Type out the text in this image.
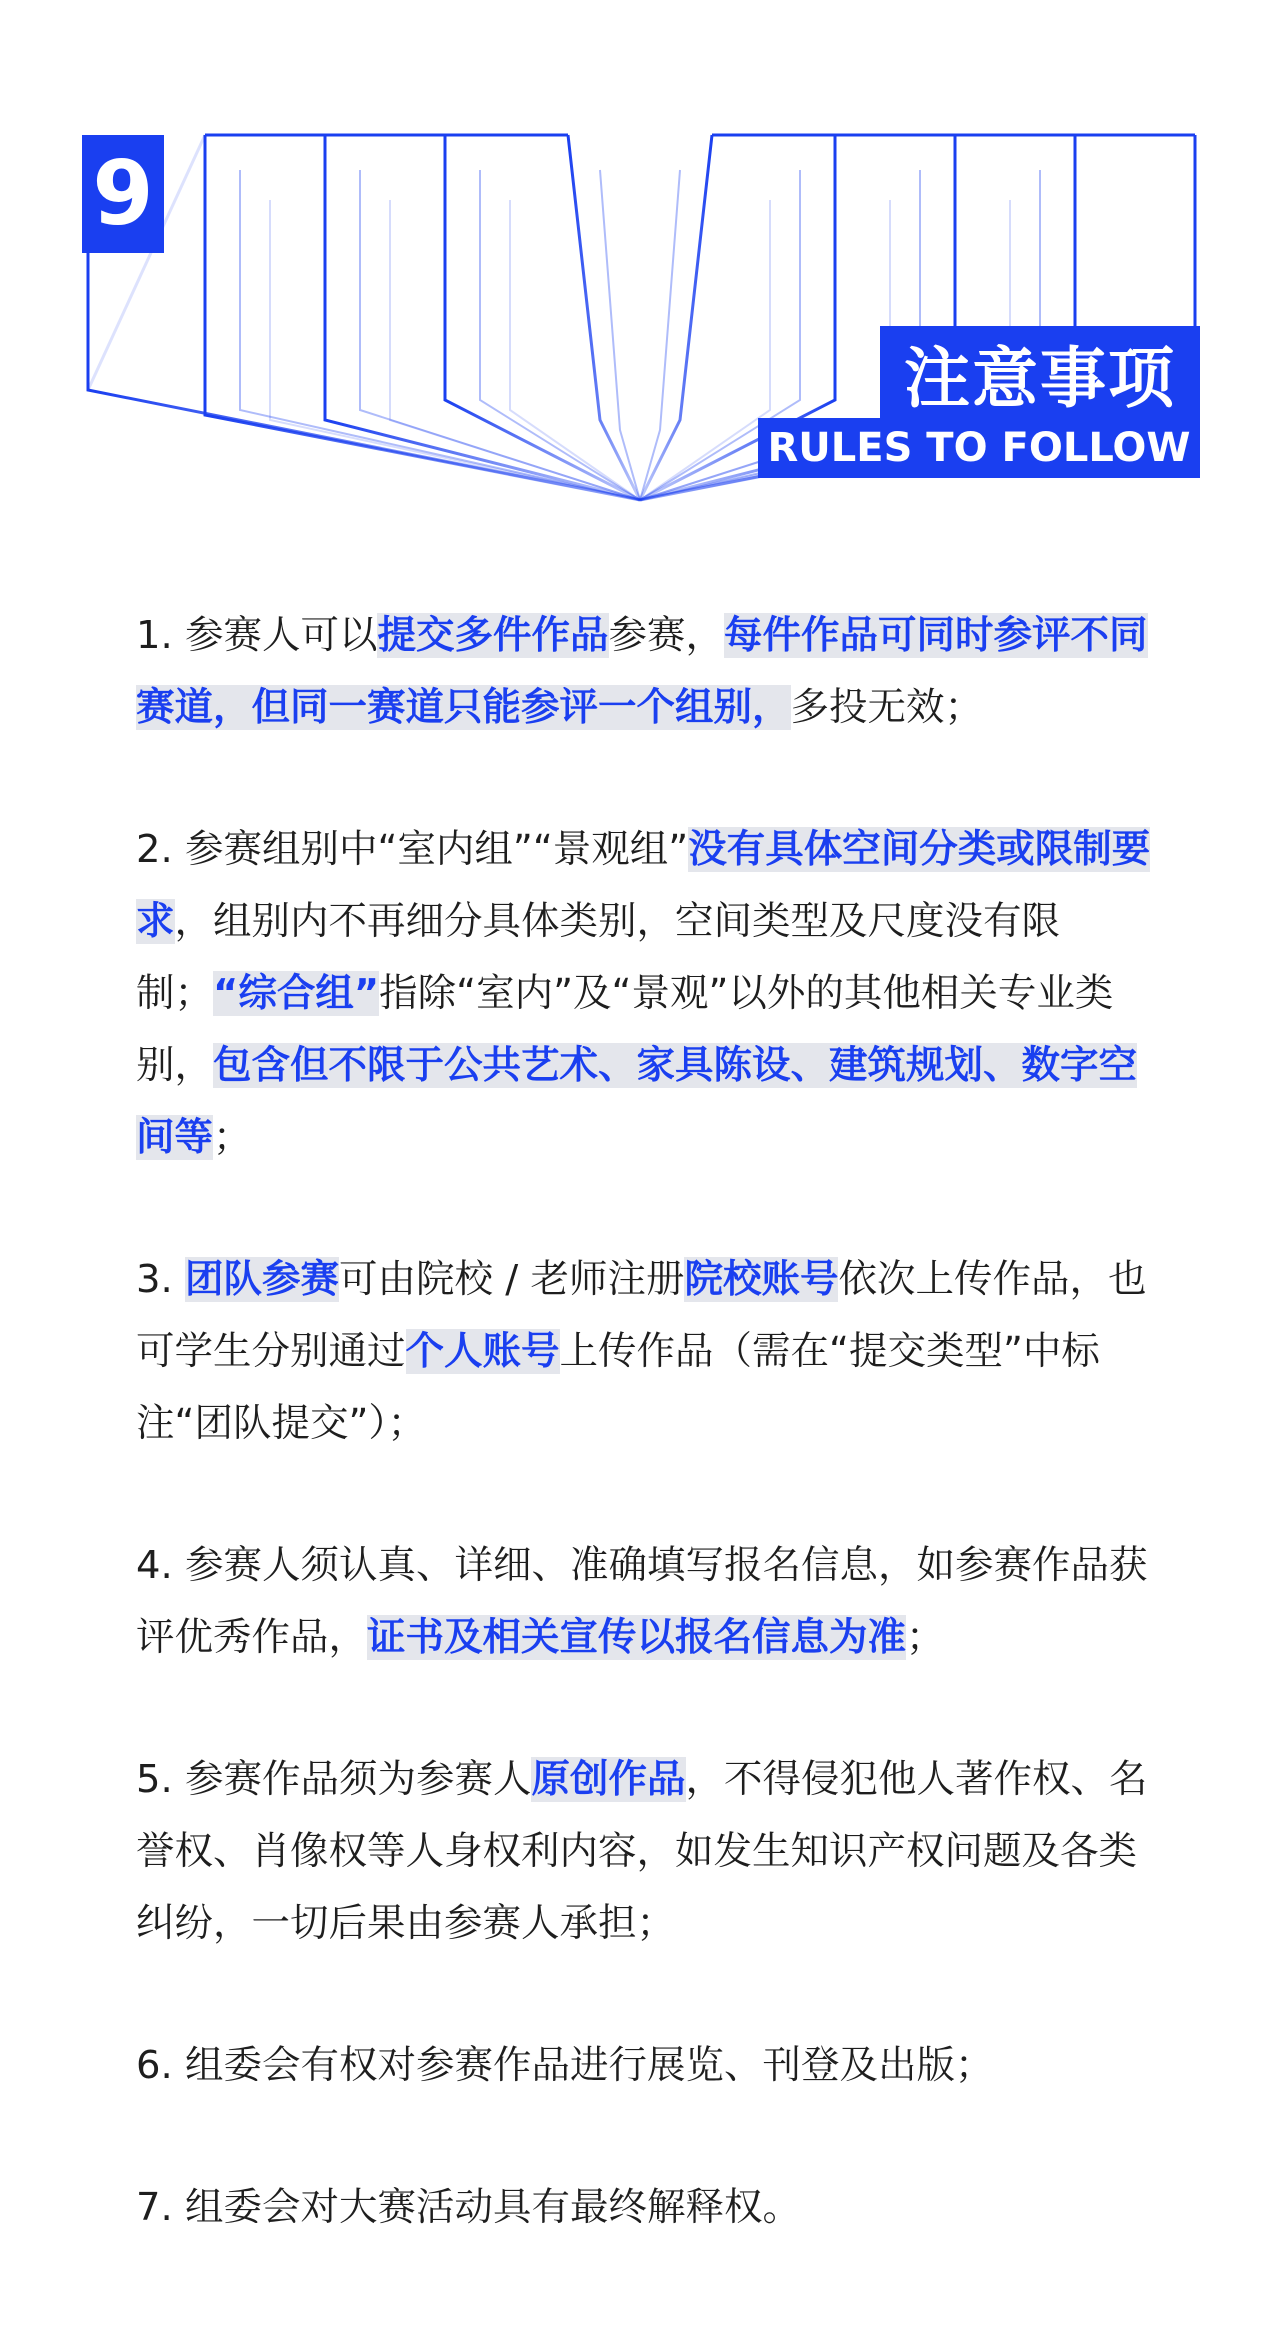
9
注意事项
RULES TO FOLLOW

1. 参赛人可以提交多件作品参赛，每件作品可同时参评不同赛道，但同一赛道只能参评一个组别，多投无效；

2. 参赛组别中“室内组”“景观组”没有具体空间分类或限制要求，组别内不再细分具体类别，空间类型及尺度没有限制；“综合组”指除“室内”及“景观”以外的其他相关专业类别，包含但不限于公共艺术、家具陈设、建筑规划、数字空间等；

3. 团队参赛可由院校 / 老师注册院校账号依次上传作品，也可学生分别通过个人账号上传作品（需在“提交类型”中标注“团队提交”）；

4. 参赛人须认真、详细、准确填写报名信息，如参赛作品获评优秀作品，证书及相关宣传以报名信息为准；

5. 参赛作品须为参赛人原创作品，不得侵犯他人著作权、名誉权、肖像权等人身权利内容，如发生知识产权问题及各类纠纷，一切后果由参赛人承担；

6. 组委会有权对参赛作品进行展览、刊登及出版；

7. 组委会对大赛活动具有最终解释权。
